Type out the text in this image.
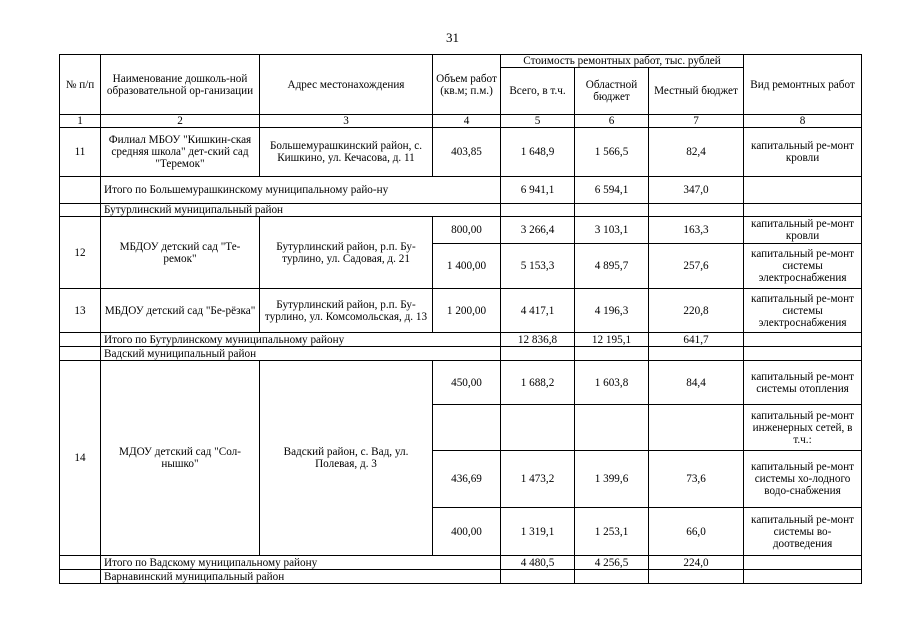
31
№ п/п	Наименование дошколь-ной образовательной ор-ганизации	Адрес местонахождения	Объем работ (кв.м; п.м.)	Стоимость ремонтных работ, тыс. рублей			Вид ремонтных работ
				Всего, в т.ч.	Областной бюджет	Местный бюджет	
1	2	3	4	5	6	7	8
11	Филиал МБОУ "Кишкин-ская средняя школа" дет-ский сад "Теремок"	Большемурашкинский район, с. Кишкино, ул. Кечасова, д. 11	403,85	1 648,9	1 566,5	82,4	капитальный ре-монт кровли
	Итого по Большемурашкинскому муниципальному райо-ну			6 941,1	6 594,1	347,0	
	Бутурлинский муниципальный район						
12	МБДОУ детский сад "Те-ремок"	Бутурлинский район, р.п. Бу-турлино, ул. Садовая, д. 21	800,00	3 266,4	3 103,1	163,3	капитальный ре-монт кровли
			1 400,00	5 153,3	4 895,7	257,6	капитальный ре-монт системы электроснабжения
13	МБДОУ детский сад "Бе-рёзка"	Бутурлинский район, р.п. Бу-турлино, ул. Комсомольская, д. 13	1 200,00	4 417,1	4 196,3	220,8	капитальный ре-монт системы электроснабжения
	Итого по Бутурлинскому муниципальному району			12 836,8	12 195,1	641,7	
	Вадский муниципальный район						
14	МДОУ детский сад "Сол-нышко"	Вадский район, с. Вад, ул. Полевая, д. 3	450,00	1 688,2	1 603,8	84,4	капитальный ре-монт системы отопления
							капитальный ре-монт инженерных сетей, в т.ч.:
			436,69	1 473,2	1 399,6	73,6	капитальный ре-монт системы хо-лодного водо-снабжения
			400,00	1 319,1	1 253,1	66,0	капитальный ре-монт системы во-доотведения
	Итого по Вадскому муниципальному району			4 480,5	4 256,5	224,0	
	Варнавинский муниципальный район						
